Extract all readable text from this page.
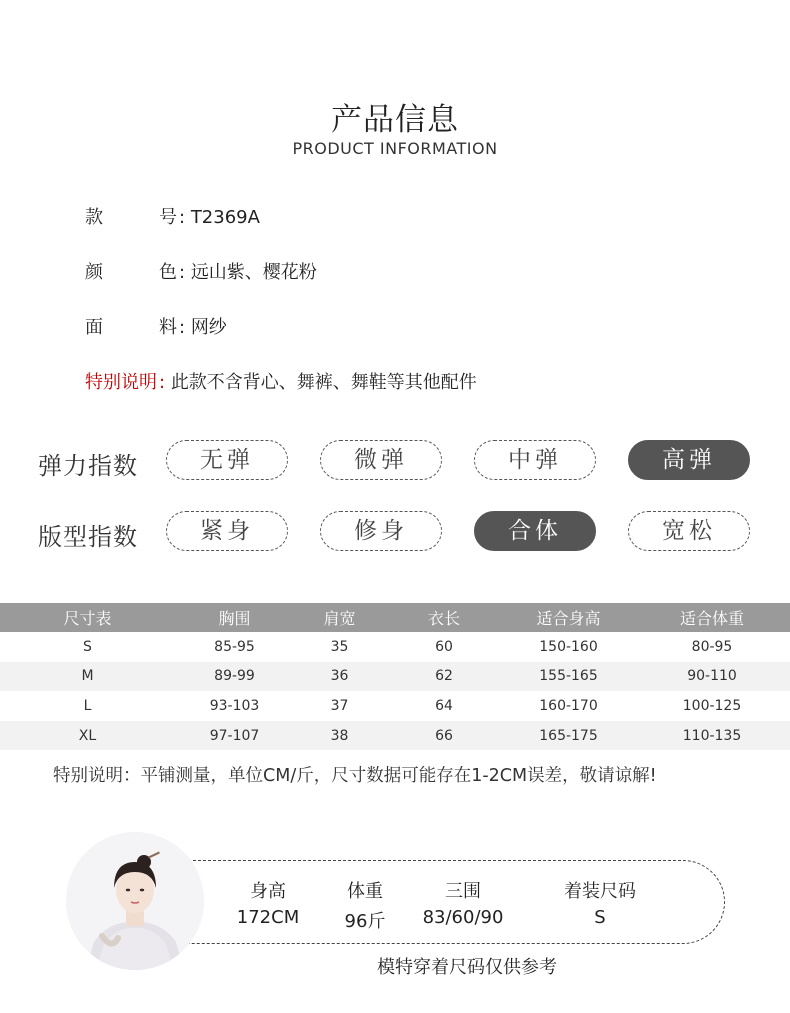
产品信息
PRODUCT INFORMATION
款号 : T2369A
颜色 : 远山紫、樱花粉
面料 : 网纱
特别说明 : 此款不含背心、舞裤、舞鞋等其他配件
弹力指数	无弹	微弹	中弹	高弹
版型指数	紧身	修身	合体	宽松
尺寸表	胸围	肩宽	衣长	适合身高	适合体重
S	85-95	35	60	150-160	80-95
M	89-99	36	62	155-165	90-110
L	93-103	37	64	160-170	100-125
XL	97-107	38	66	165-175	110-135
特别说明：平铺测量，单位CM/斤，尺寸数据可能存在1-2CM误差，敬请谅解!
身高
172CM
体重
96斤
三围
83/60/90
着装尺码
S
模特穿着尺码仅供参考
